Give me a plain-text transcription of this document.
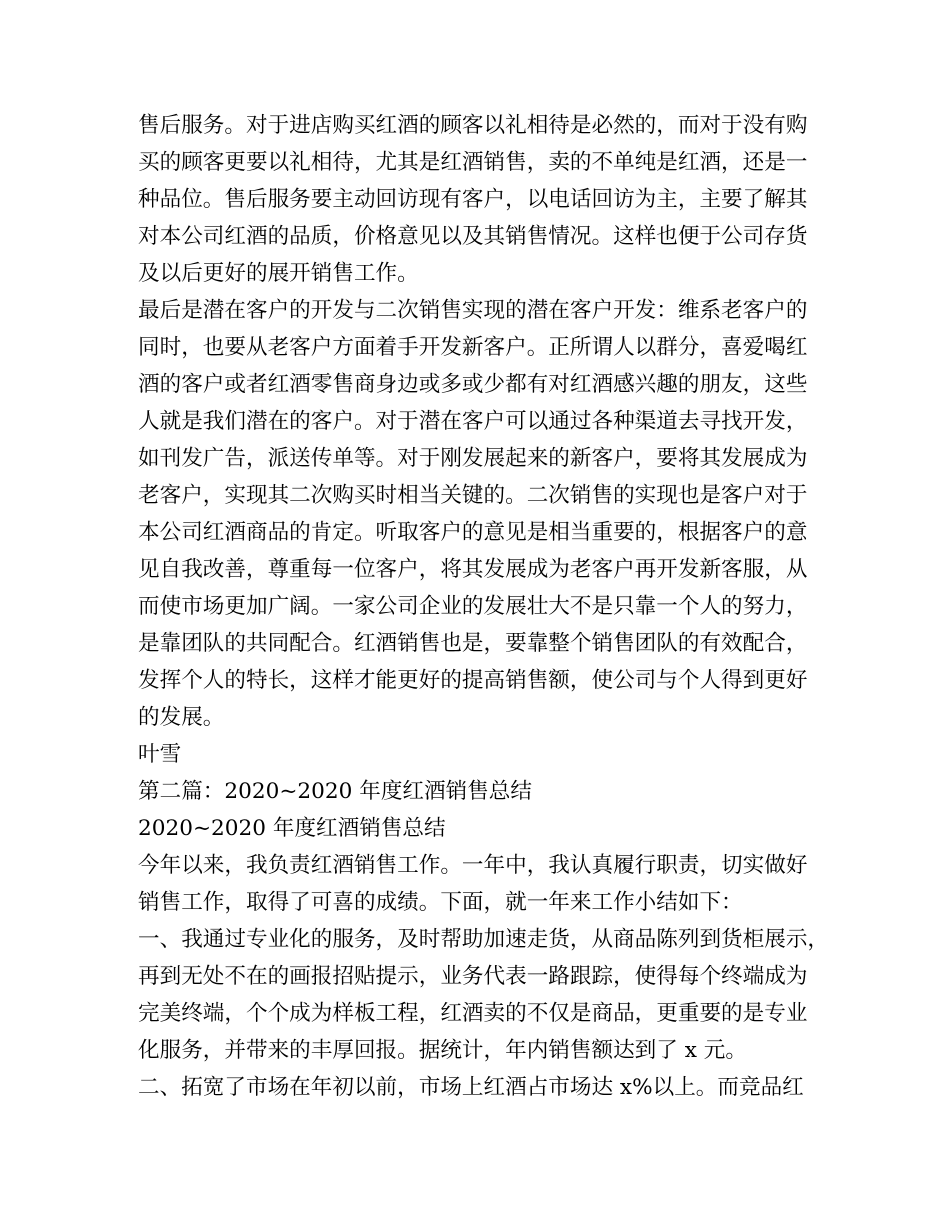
售后服务。对于进店购买红酒的顾客以礼相待是必然的，而对于没有购
买的顾客更要以礼相待，尤其是红酒销售，卖的不单纯是红酒，还是一
种品位。售后服务要主动回访现有客户，以电话回访为主，主要了解其
对本公司红酒的品质，价格意见以及其销售情况。这样也便于公司存货
及以后更好的展开销售工作。
最后是潜在客户的开发与二次销售实现的潜在客户开发：维系老客户的
同时，也要从老客户方面着手开发新客户。正所谓人以群分，喜爱喝红
酒的客户或者红酒零售商身边或多或少都有对红酒感兴趣的朋友，这些
人就是我们潜在的客户。对于潜在客户可以通过各种渠道去寻找开发，
如刊发广告，派送传单等。对于刚发展起来的新客户，要将其发展成为
老客户，实现其二次购买时相当关键的。二次销售的实现也是客户对于
本公司红酒商品的肯定。听取客户的意见是相当重要的，根据客户的意
见自我改善，尊重每一位客户，将其发展成为老客户再开发新客服，从
而使市场更加广阔。一家公司企业的发展壮大不是只靠一个人的努力，
是靠团队的共同配合。红酒销售也是，要靠整个销售团队的有效配合，
发挥个人的特长，这样才能更好的提高销售额，使公司与个人得到更好
的发展。
叶雪
第二篇：2020~2020 年度红酒销售总结
2020~2020 年度红酒销售总结
今年以来，我负责红酒销售工作。一年中，我认真履行职责，切实做好
销售工作，取得了可喜的成绩。下面，就一年来工作小结如下：
一、我通过专业化的服务，及时帮助加速走货，从商品陈列到货柜展示，
再到无处不在的画报招贴提示，业务代表一路跟踪，使得每个终端成为
完美终端，个个成为样板工程，红酒卖的不仅是商品，更重要的是专业
化服务，并带来的丰厚回报。据统计，年内销售额达到了 x 元。
二、拓宽了市场在年初以前，市场上红酒占市场达 x%以上。而竞品红
